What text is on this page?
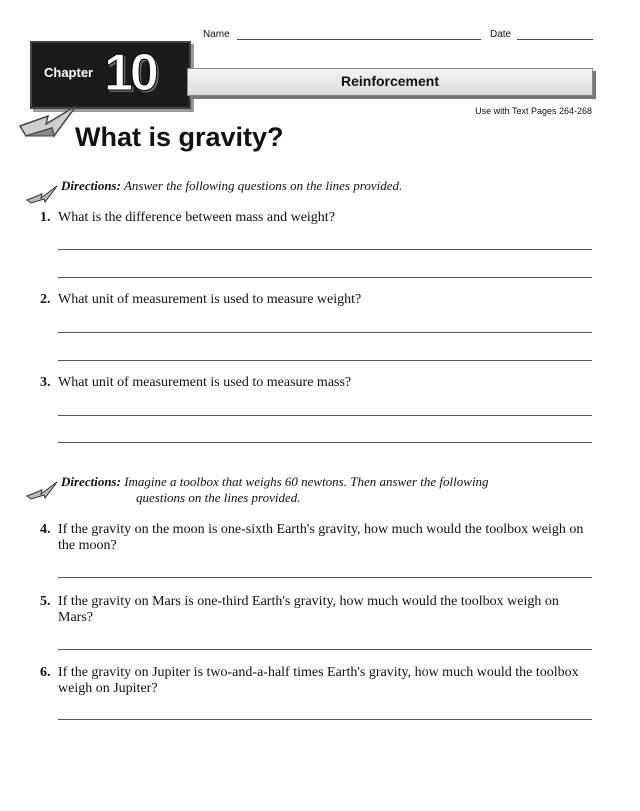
Name	Date
Chapter 10	Reinforcement
Use with Text Pages 264-268
What is gravity?
Directions: Answer the following questions on the lines provided.
1. What is the difference between mass and weight?
2. What unit of measurement is used to measure weight?
3. What unit of measurement is used to measure mass?
Directions: Imagine a toolbox that weighs 60 newtons. Then answer the following
questions on the lines provided.
4. If the gravity on the moon is one-sixth Earth's gravity, how much would the toolbox weigh on the moon?
5. If the gravity on Mars is one-third Earth's gravity, how much would the toolbox weigh on Mars?
6. If the gravity on Jupiter is two-and-a-half times Earth's gravity, how much would the toolbox weigh on Jupiter?
